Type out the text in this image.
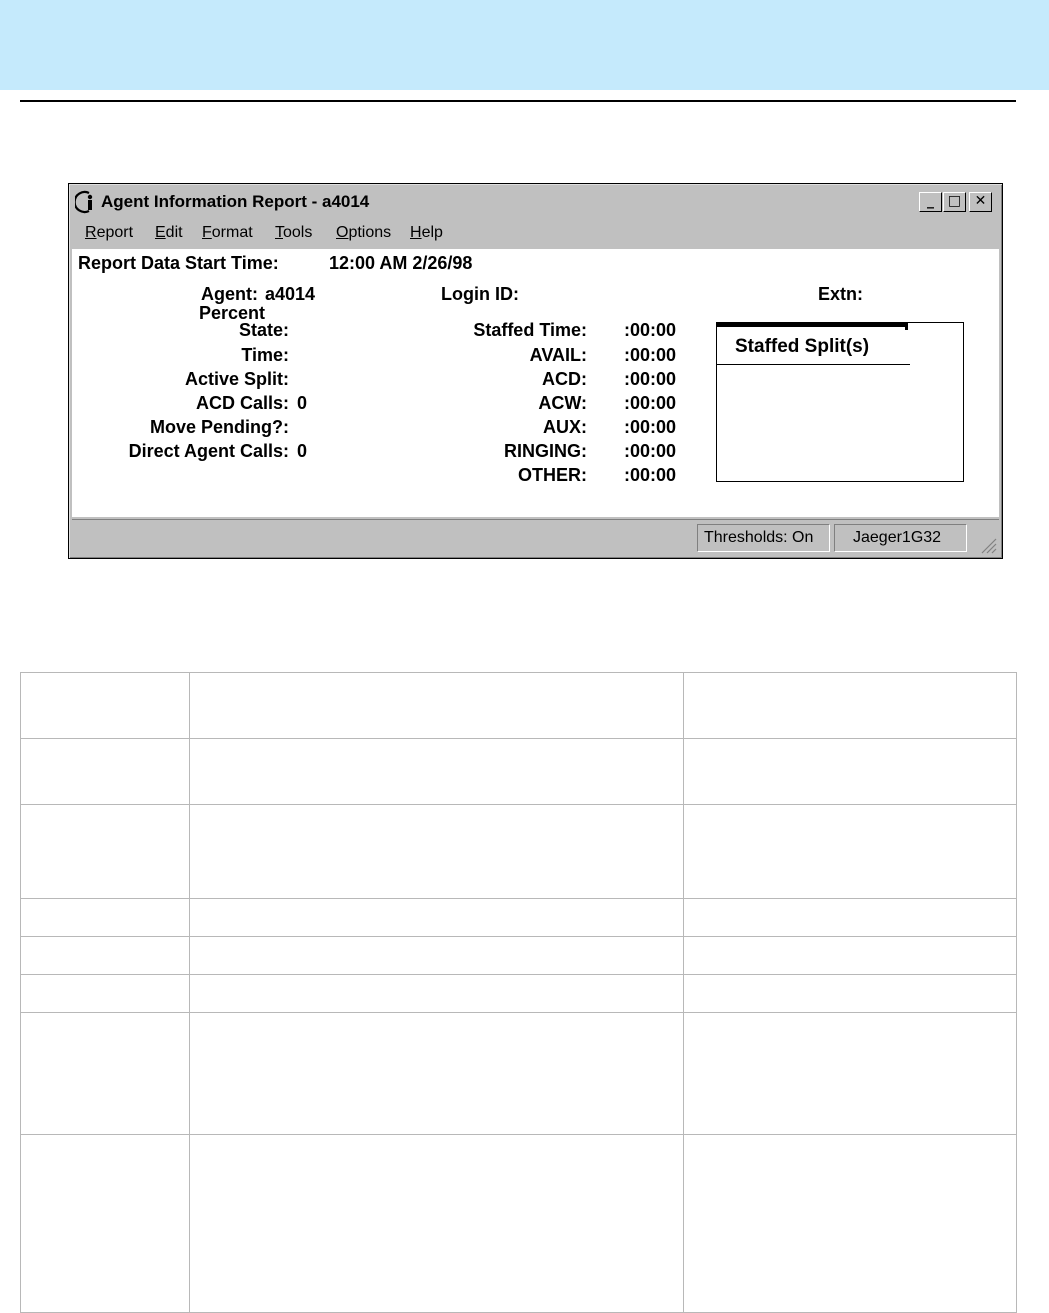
Agent Information Report - a4014	_ □ ✕
Report Edit Format Tools Options Help
Report Data Start Time:	12:00 AM 2/26/98
Agent: a4014
Percent
State:
Time:
Active Split:
ACD Calls: 0
Move Pending?:
Direct Agent Calls: 0
Login ID:	Extn:
Staffed Time: :00:00
AVAIL: :00:00
ACD: :00:00
ACW: :00:00
AUX: :00:00
RINGING: :00:00
OTHER: :00:00
Staffed Split(s)
Thresholds: On	Jaeger1G32
